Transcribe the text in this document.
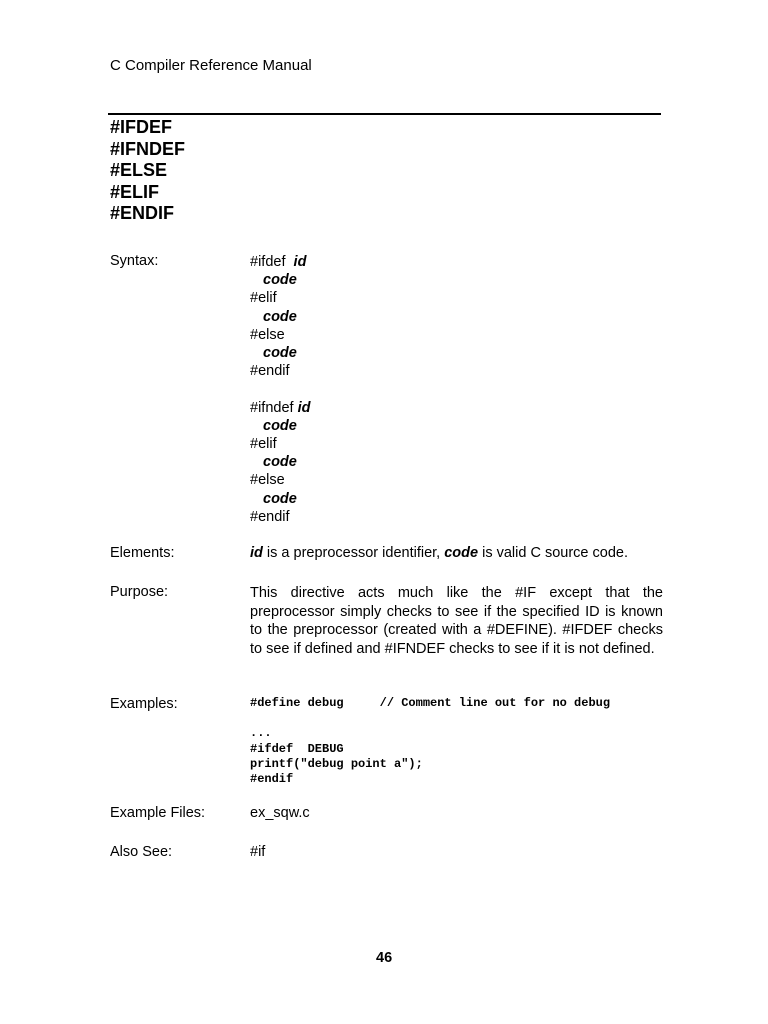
C Compiler Reference Manual
#IFDEF
#IFNDEF
#ELSE
#ELIF
#ENDIF
Syntax:	#ifdef id
code
#elif
code
#else
code
#endif
#ifndef id
code
#elif
code
#else
code
#endif
Elements:	id is a preprocessor identifier, code is valid C source code.
Purpose:	This directive acts much like the #IF except that the preprocessor simply checks to see if the specified ID is known to the preprocessor (created with a #DEFINE). #IFDEF checks to see if defined and #IFNDEF checks to see if it is not defined.
Examples:	#define debug     // Comment line out for no debug

...
#ifdef  DEBUG
printf("debug point a");
#endif
Example Files:	ex_sqw.c
Also See:	#if
46
